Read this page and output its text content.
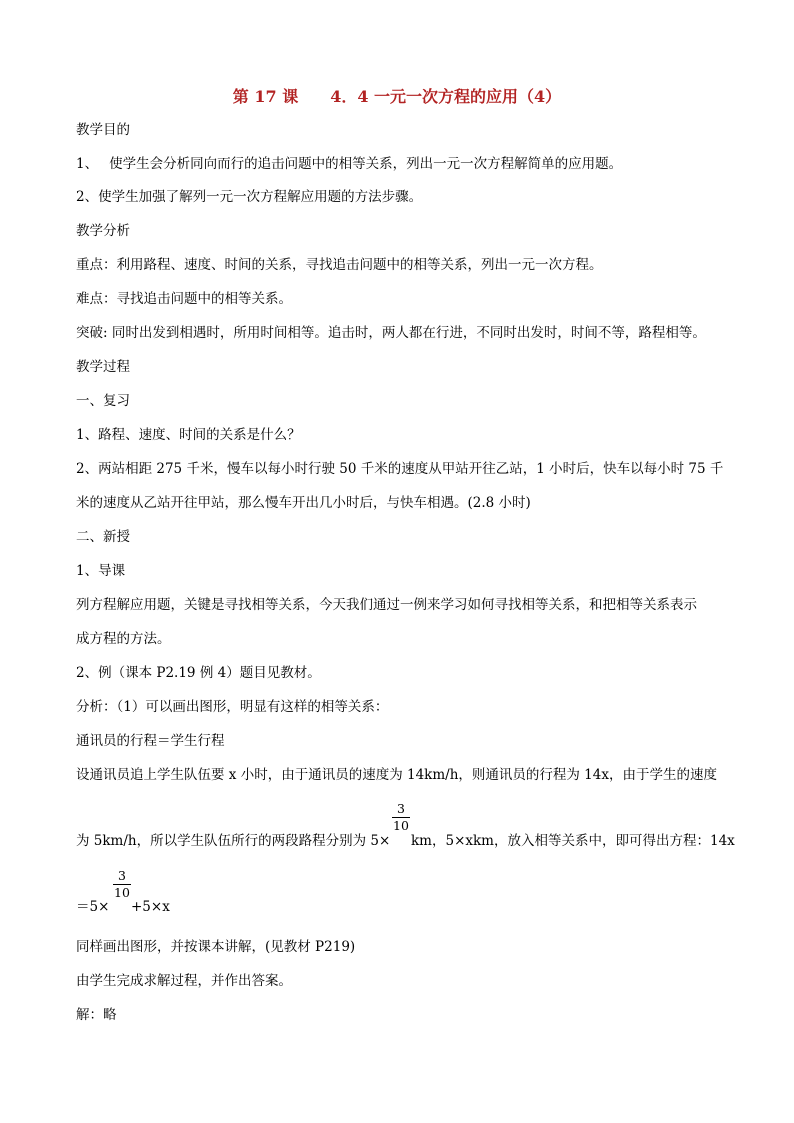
第 17 课　　4．4 一元一次方程的应用（4）
教学目的
1、　 使学生会分析同向而行的追击问题中的相等关系，列出一元一次方程解简单的应用题。
2、使学生加强了解列一元一次方程解应用题的方法步骤。
教学分析
重点：利用路程、速度、时间的关系，寻找追击问题中的相等关系，列出一元一次方程。
难点：寻找追击问题中的相等关系。
突破: 同时出发到相遇时，所用时间相等。追击时，两人都在行进，不同时出发时，时间不等，路程相等。
教学过程
一、复习
1、路程、速度、时间的关系是什么？
2、两站相距 275 千米，慢车以每小时行驶 50 千米的速度从甲站开往乙站，1 小时后，快车以每小时 75 千
米的速度从乙站开往甲站，那么慢车开出几小时后，与快车相遇。(2.8 小时)
二、新授
1、导课
列方程解应用题，关键是寻找相等关系，今天我们通过一例来学习如何寻找相等关系，和把相等关系表示
成方程的方法。
2、例（课本 P2.19 例 4）题目见教材。
分析：（1）可以画出图形，明显有这样的相等关系：
通讯员的行程＝学生行程
设通讯员追上学生队伍要 x 小时，由于通讯员的速度为 14km/h，则通讯员的行程为 14x，由于学生的速度
为 5km/h，所以学生队伍所行的两段路程分别为 5×
3
10
km，5×xkm，放入相等关系中，即可得出方程：14x
＝5×
3
10
+5×x
同样画出图形，并按课本讲解，(见教材 P219)
由学生完成求解过程，并作出答案。
解：略
